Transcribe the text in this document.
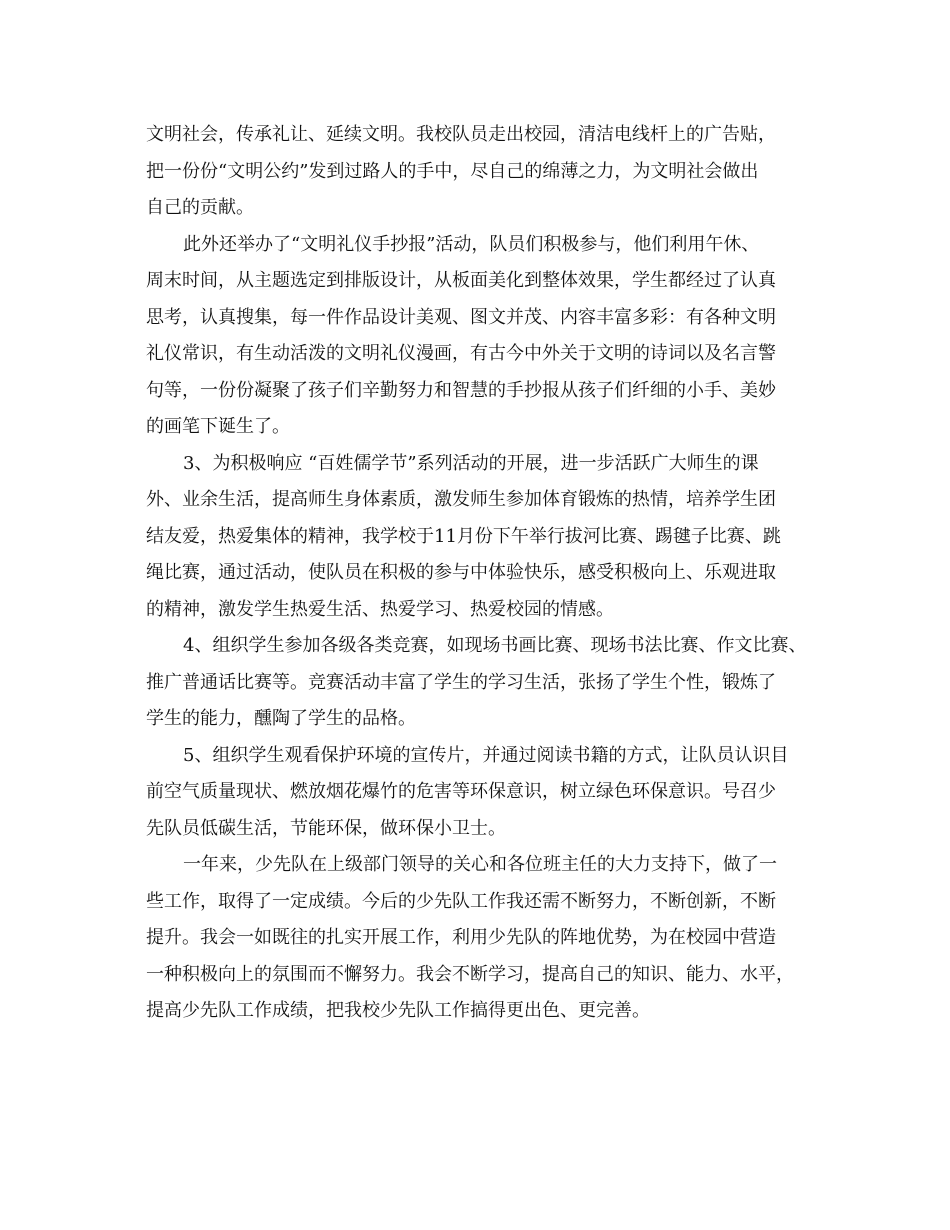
文明社会，传承礼让、延续文明。我校队员走出校园，清洁电线杆上的广告贴，
把一份份“文明公约”发到过路人的手中，尽自己的绵薄之力，为文明社会做出
自己的贡献。

此外还举办了“文明礼仪手抄报”活动，队员们积极参与，他们利用午休、
周末时间，从主题选定到排版设计，从板面美化到整体效果，学生都经过了认真
思考，认真搜集，每一件作品设计美观、图文并茂、内容丰富多彩：有各种文明
礼仪常识，有生动活泼的文明礼仪漫画，有古今中外关于文明的诗词以及名言警
句等，一份份凝聚了孩子们辛勤努力和智慧的手抄报从孩子们纤细的小手、美妙
的画笔下诞生了。

3、为积极响应 “百姓儒学节”系列活动的开展，进一步活跃广大师生的课
外、业余生活，提高师生身体素质，激发师生参加体育锻炼的热情，培养学生团
结友爱，热爱集体的精神，我学校于11月份下午举行拔河比赛、踢毽子比赛、跳
绳比赛，通过活动，使队员在积极的参与中体验快乐，感受积极向上、乐观进取
的精神，激发学生热爱生活、热爱学习、热爱校园的情感。

4、组织学生参加各级各类竞赛，如现场书画比赛、现场书法比赛、作文比赛、
推广普通话比赛等。竞赛活动丰富了学生的学习生活，张扬了学生个性，锻炼了
学生的能力，醺陶了学生的品格。

5、组织学生观看保护环境的宣传片，并通过阅读书籍的方式，让队员认识目
前空气质量现状、燃放烟花爆竹的危害等环保意识，树立绿色环保意识。号召少
先队员低碳生活，节能环保，做环保小卫士。

一年来，少先队在上级部门领导的关心和各位班主任的大力支持下，做了一
些工作，取得了一定成绩。今后的少先队工作我还需不断努力，不断创新，不断
提升。我会一如既往的扎实开展工作，利用少先队的阵地优势，为在校园中营造
一种积极向上的氛围而不懈努力。我会不断学习，提高自己的知识、能力、水平，
提高少先队工作成绩，把我校少先队工作搞得更出色、更完善。
